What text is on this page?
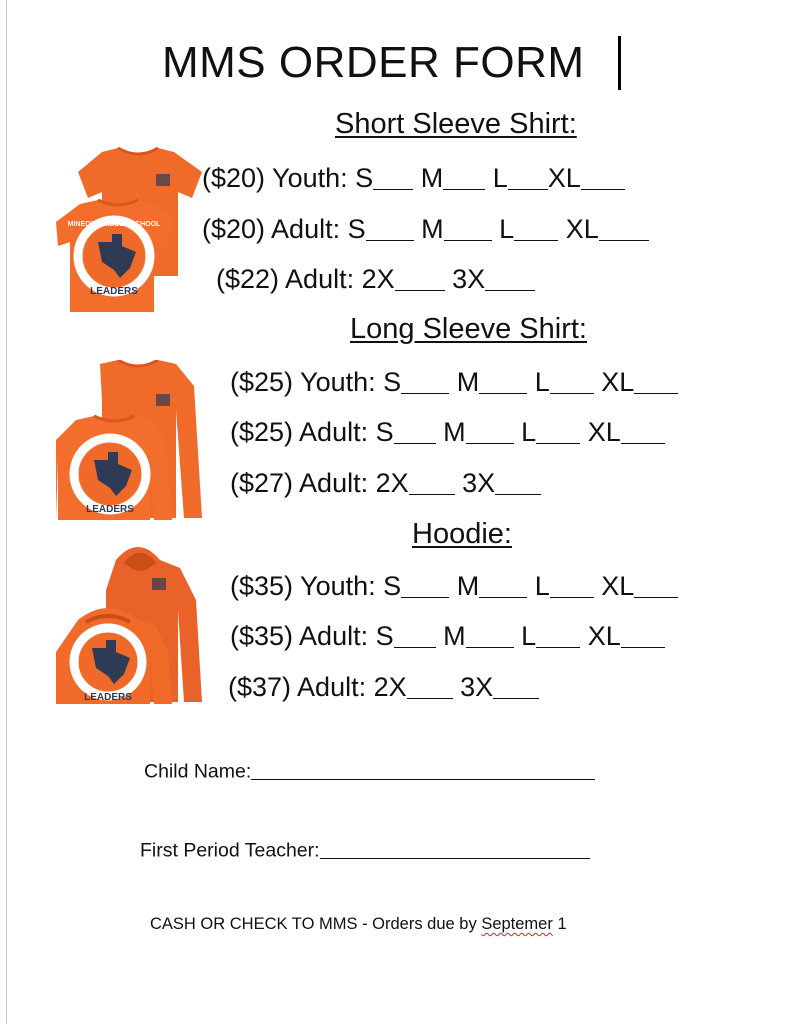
MMS ORDER FORM
Short Sleeve Shirt:
MINEOLA MIDDLE SCHOOL
LEADERS
($20) Youth: S M L XL
($20) Adult: S M L XL
($22) Adult: 2X 3X
Long Sleeve Shirt:
LEADERS
($25) Youth: S M L XL
($25) Adult: S M L XL
($27) Adult: 2X 3X
Hoodie:
LEADERS
($35) Youth: S M L XL
($35) Adult: S M L XL
($37) Adult: 2X 3X
Child Name:
First Period Teacher:
CASH OR CHECK TO MMS - Orders due by Septemer 1
